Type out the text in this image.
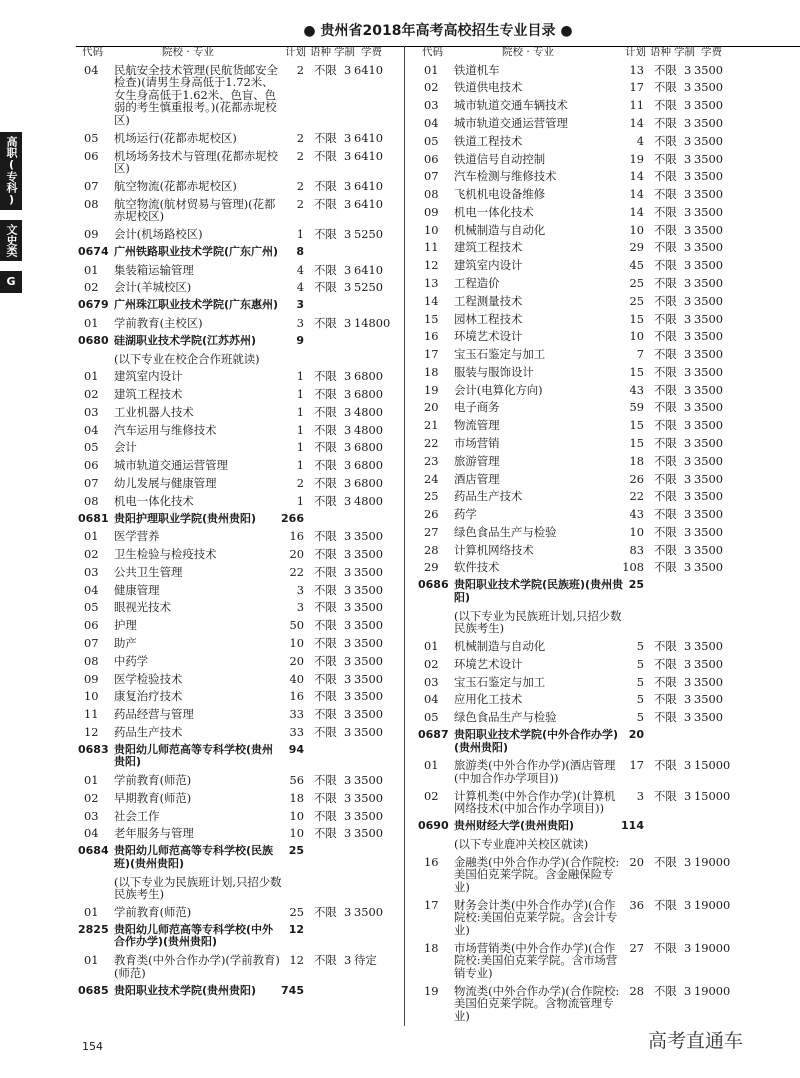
● 贵州省2018年高考高校招生专业目录 ●
高职(专科)
文史类
G
代码	院校 · 专业	计划 语种 学制 学费
04	民航安全技术管理(民航货邮安全检查)(请男生身高低于1.72米、女生身高低于1.62米、色盲、色弱的考生慎重报考。)(花都赤坭校区)
2 不限 3 6410
05	机场运行(花都赤坭校区)	2 不限 3 6410
06	机场场务技术与管理(花都赤坭校区)
2 不限 3 6410
07	航空物流(花都赤坭校区)	2 不限 3 6410
08	航空物流(航材贸易与管理)(花都赤坭校区)
2 不限 3 6410
09	会计(机场路校区)	1 不限 3 5250
0674 广州铁路职业技术学院(广东广州)	8
01	集装箱运输管理	4 不限 3 6410
02	会计(羊城校区)	4 不限 3 5250
0679 广州珠江职业技术学院(广东惠州)	3
01	学前教育(主校区)	3 不限 3 14800
0680 硅湖职业技术学院(江苏苏州)	9
(以下专业在校企合作班就读)
01	建筑室内设计	1 不限 3 6800
02	建筑工程技术	1 不限 3 6800
03	工业机器人技术	1 不限 3 4800
04	汽车运用与维修技术	1 不限 3 4800
05	会计	1 不限 3 6800
06	城市轨道交通运营管理	1 不限 3 6800
07	幼儿发展与健康管理	2 不限 3 6800
08	机电一体化技术	1 不限 3 4800
0681 贵阳护理职业学院(贵州贵阳)	266
01	医学营养	16 不限 3 3500
02	卫生检验与检疫技术	20 不限 3 3500
03	公共卫生管理	22 不限 3 3500
04	健康管理	3 不限 3 3500
05	眼视光技术	3 不限 3 3500
06	护理	50 不限 3 3500
07	助产	10 不限 3 3500
08	中药学	20 不限 3 3500
09	医学检验技术	40 不限 3 3500
10	康复治疗技术	16 不限 3 3500
11	药品经营与管理	33 不限 3 3500
12	药品生产技术	33 不限 3 3500
0683 贵阳幼儿师范高等专科学校(贵州贵阳)
94
01	学前教育(师范)	56 不限 3 3500
02	早期教育(师范)	18 不限 3 3500
03	社会工作	10 不限 3 3500
04	老年服务与管理	10 不限 3 3500
0684 贵阳幼儿师范高等专科学校(民族班)(贵州贵阳)
25
(以下专业为民族班计划,只招少数民族考生)
01	学前教育(师范)	25 不限 3 3500
2825 贵阳幼儿师范高等专科学校(中外合作办学)(贵州贵阳)
12
01	教育类(中外合作办学)(学前教育)(师范)
12 不限 3 待定
0685 贵阳职业技术学院(贵州贵阳)	745
代码	院校 · 专业	计划 语种 学制 学费
01	铁道机车	13 不限 3 3500
02	铁道供电技术	17 不限 3 3500
03	城市轨道交通车辆技术	11 不限 3 3500
04	城市轨道交通运营管理	14 不限 3 3500
05	铁道工程技术	4 不限 3 3500
06	铁道信号自动控制	19 不限 3 3500
07	汽车检测与维修技术	14 不限 3 3500
08	飞机机电设备维修	14 不限 3 3500
09	机电一体化技术	14 不限 3 3500
10	机械制造与自动化	10 不限 3 3500
11	建筑工程技术	29 不限 3 3500
12	建筑室内设计	45 不限 3 3500
13	工程造价	25 不限 3 3500
14	工程测量技术	25 不限 3 3500
15	园林工程技术	15 不限 3 3500
16	环境艺术设计	10 不限 3 3500
17	宝玉石鉴定与加工	7 不限 3 3500
18	服装与服饰设计	15 不限 3 3500
19	会计(电算化方向)	43 不限 3 3500
20	电子商务	59 不限 3 3500
21	物流管理	15 不限 3 3500
22	市场营销	15 不限 3 3500
23	旅游管理	18 不限 3 3500
24	酒店管理	26 不限 3 3500
25	药品生产技术	22 不限 3 3500
26	药学	43 不限 3 3500
27	绿色食品生产与检验	10 不限 3 3500
28	计算机网络技术	83 不限 3 3500
29	软件技术	108 不限 3 3500
0686 贵阳职业技术学院(民族班)(贵州贵阳)
25
(以下专业为民族班计划,只招少数民族考生)
01	机械制造与自动化	5 不限 3 3500
02	环境艺术设计	5 不限 3 3500
03	宝玉石鉴定与加工	5 不限 3 3500
04	应用化工技术	5 不限 3 3500
05	绿色食品生产与检验	5 不限 3 3500
0687 贵阳职业技术学院(中外合作办学)(贵州贵阳)
20
01	旅游类(中外合作办学)(酒店管理(中加合作办学项目))
17 不限 3 15000
02	计算机类(中外合作办学)(计算机网络技术(中加合作办学项目))
3 不限 3 15000
0690 贵州财经大学(贵州贵阳)	114
(以下专业鹿冲关校区就读)
16	金融类(中外合作办学)(合作院校:美国伯克莱学院。含金融保险专业)
20 不限 3 19000
17	财务会计类(中外合作办学)(合作院校:美国伯克莱学院。含会计专业)
36 不限 3 19000
18	市场营销类(中外合作办学)(合作院校:美国伯克莱学院。含市场营销专业)
27 不限 3 19000
19	物流类(中外合作办学)(合作院校:美国伯克莱学院。含物流管理专业)
28 不限 3 19000
154	高考直通车
